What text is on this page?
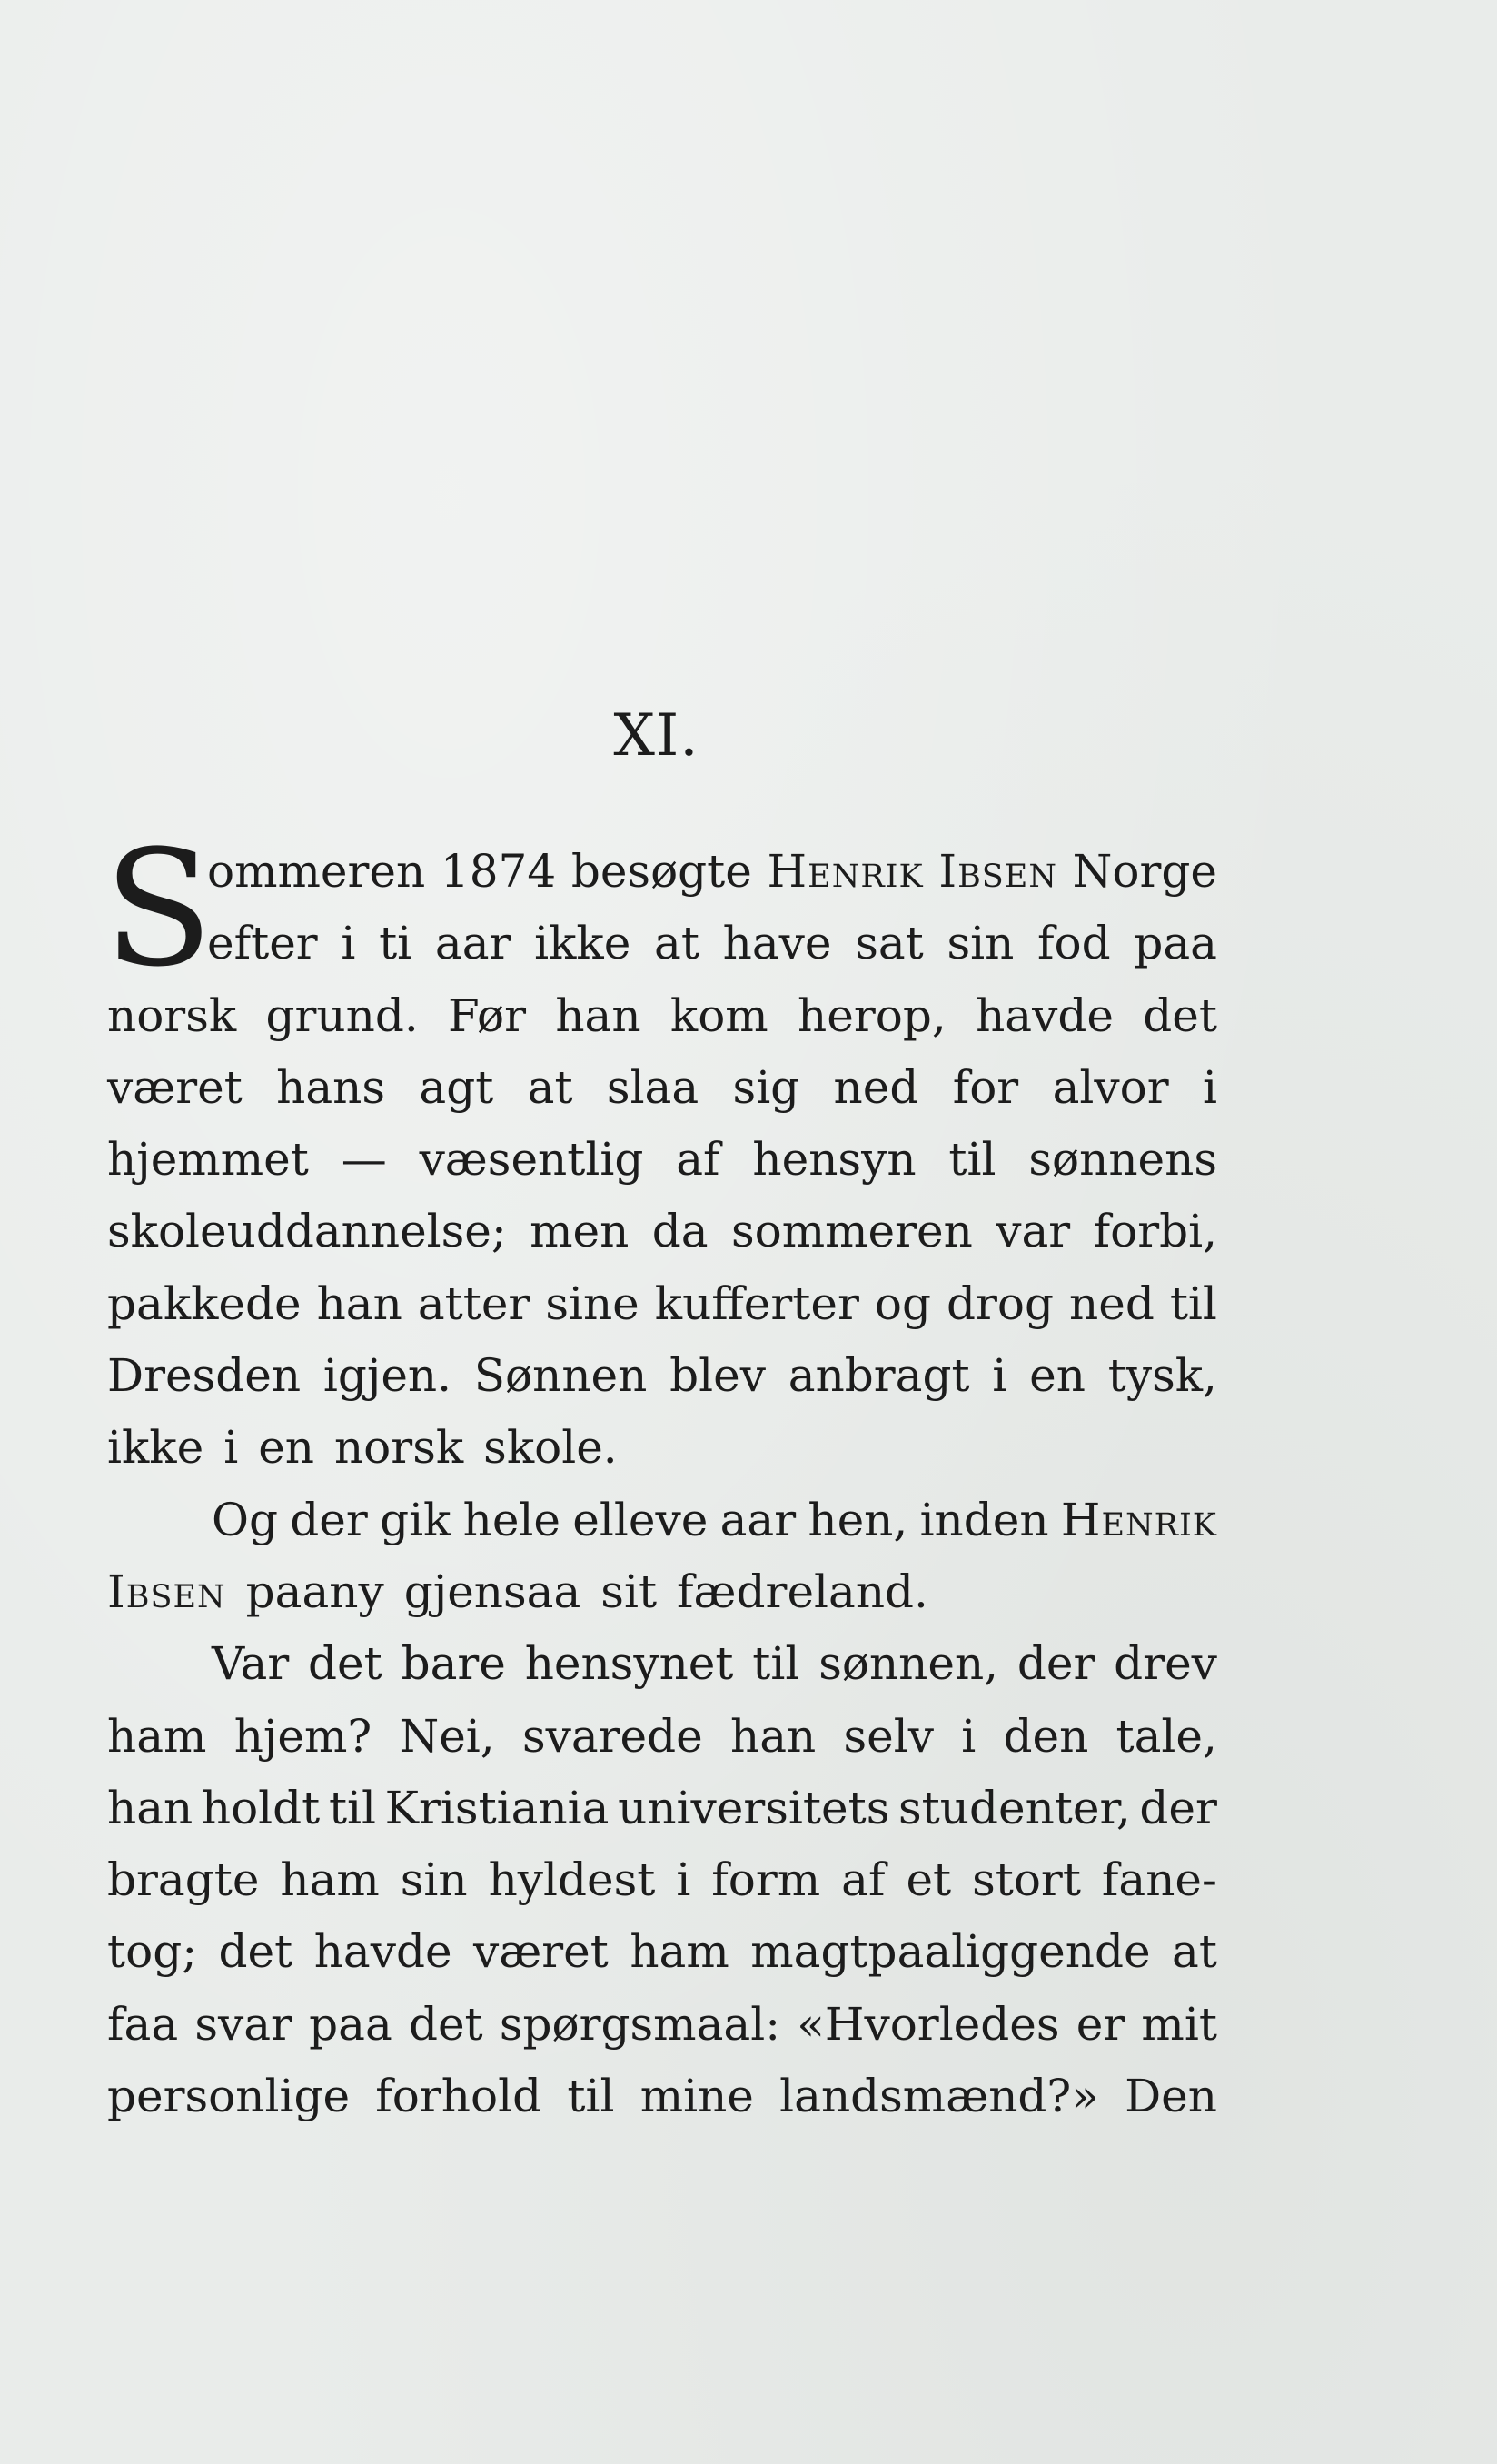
XI.
S
ommeren 1874 besøgte Henrik Ibsen Norge
efter i ti aar ikke at have sat sin fod paa
norsk grund. Før han kom herop, havde det
været hans agt at slaa sig ned for alvor i
hjemmet — væsentlig af hensyn til sønnens
skoleuddannelse; men da sommeren var forbi,
pakkede han atter sine kufferter og drog ned til
Dresden igjen. Sønnen blev anbragt i en tysk,
ikke i en norsk skole.
Og der gik hele elleve aar hen, inden Henrik
Ibsen paany gjensaa sit fædreland.
Var det bare hensynet til sønnen, der drev
ham hjem? Nei, svarede han selv i den tale,
han holdt til Kristiania universitets studenter, der
bragte ham sin hyldest i form af et stort fane-
tog; det havde været ham magtpaaliggende at
faa svar paa det spørgsmaal: «Hvorledes er mit
personlige forhold til mine landsmænd?» Den
